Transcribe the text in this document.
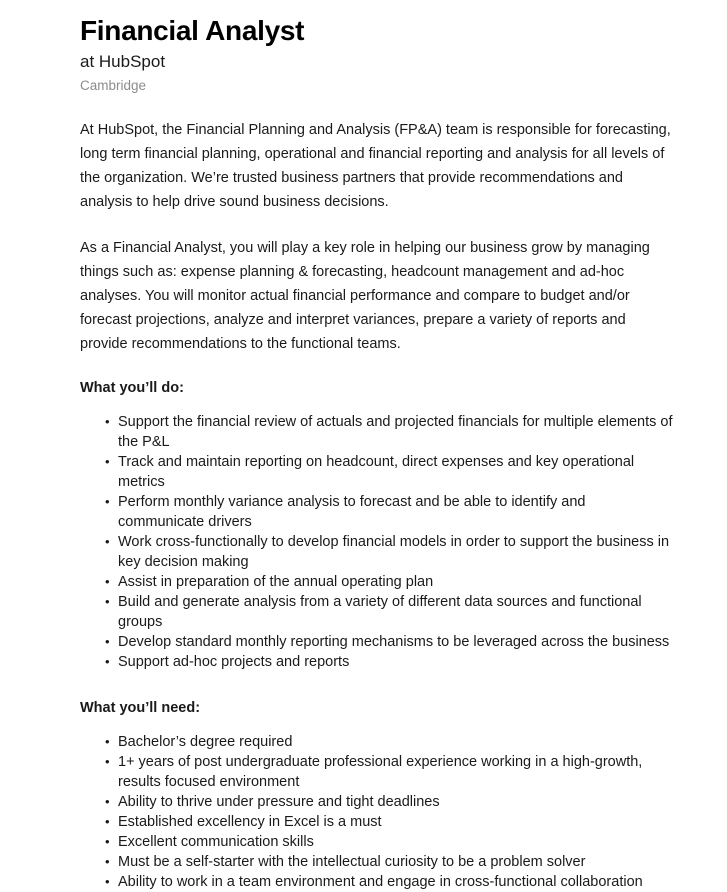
Financial Analyst
at HubSpot
Cambridge

At HubSpot, the Financial Planning and Analysis (FP&A) team is responsible for forecasting, long term financial planning, operational and financial reporting and analysis for all levels of the organization. We’re trusted business partners that provide recommendations and analysis to help drive sound business decisions.

As a Financial Analyst, you will play a key role in helping our business grow by managing things such as: expense planning & forecasting, headcount management and ad-hoc analyses. You will monitor actual financial performance and compare to budget and/or forecast projections, analyze and interpret variances, prepare a variety of reports and provide recommendations to the functional teams.

What you’ll do:
• Support the financial review of actuals and projected financials for multiple elements of the P&L
• Track and maintain reporting on headcount, direct expenses and key operational metrics
• Perform monthly variance analysis to forecast and be able to identify and communicate drivers
• Work cross-functionally to develop financial models in order to support the business in key decision making
• Assist in preparation of the annual operating plan
• Build and generate analysis from a variety of different data sources and functional groups
• Develop standard monthly reporting mechanisms to be leveraged across the business
• Support ad-hoc projects and reports
What you’ll need:
• Bachelor’s degree required
• 1+ years of post undergraduate professional experience working in a high-growth, results focused environment
• Ability to thrive under pressure and tight deadlines
• Established excellency in Excel is a must
• Excellent communication skills
• Must be a self-starter with the intellectual curiosity to be a problem solver
• Ability to work in a team environment and engage in cross-functional collaboration
